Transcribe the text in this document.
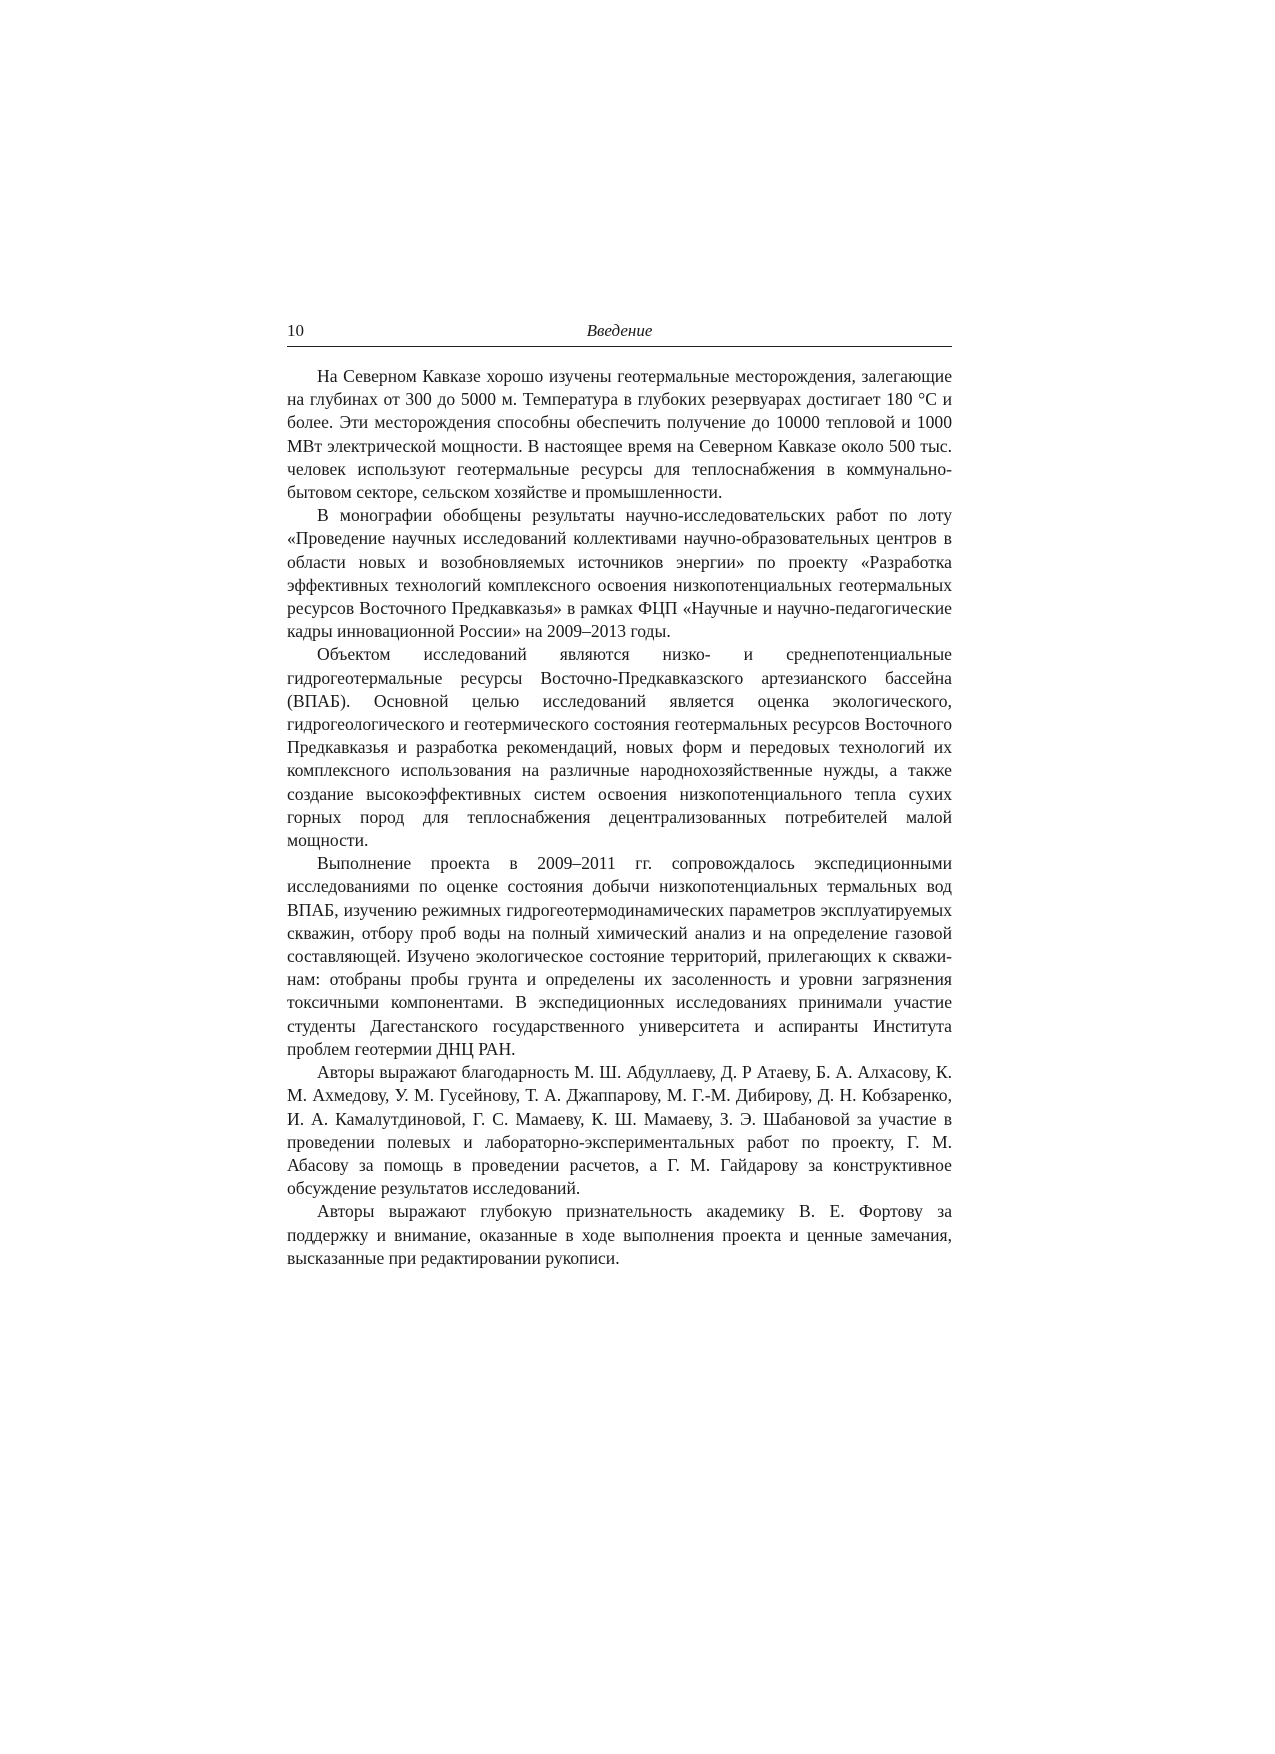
10	Введение

На Северном Кавказе хорошо изучены геотермальные месторождения, залегающие на глубинах от 300 до 5000 м. Температура в глубоких резервуарах достигает 180 °С и более. Эти месторождения способны обеспечить получение до 10000 тепловой и 1000 МВт электрической мощности. В настоящее время на Северном Кавказе около 500 тыс. человек используют геотермальные ресурсы для теплоснабжения в коммунально-бытовом секторе, сельском хозяйстве и промышленности.

В монографии обобщены результаты научно-исследовательских работ по лоту «Проведение научных исследований коллективами научно-образовательных центров в области новых и возобновляемых источников энергии» по проекту «Разработка эффективных технологий комплексного освоения низкопотенциальных геотермальных ресурсов Восточного Предкавказья» в рамках ФЦП «Научные и научно-педагогические кадры инновационной России» на 2009–2013 годы.

Объектом исследований являются низко- и среднепотенциальные гидрогеотермальные ресурсы Восточно-Предкавказского артезианского бассейна (ВПАБ). Основной целью исследований является оценка экологического, гидрогеологического и геотермического состояния геотермальных ресурсов Восточного Предкавказья и разработка рекомендаций, новых форм и передовых технологий их комплексного использования на различные народнохозяйственные нужды, а также создание высокоэффективных систем освоения низкопотенциального тепла сухих горных пород для теплоснабжения децентрализованных потребителей малой мощности.

Выполнение проекта в 2009–2011 гг. сопровождалось экспедиционными исследованиями по оценке состояния добычи низкопотенциальных термальных вод ВПАБ, изучению режимных гидрогеотермодинамических параметров эксплуатируемых скважин, отбору проб воды на полный химический анализ и на определение газовой составляющей. Изучено экологическое состояние территорий, прилегающих к скважинам: отобраны пробы грунта и определены их засоленность и уровни загрязнения токсичными компонентами. В экспедиционных исследованиях принимали участие студенты Дагестанского государственного университета и аспиранты Института проблем геотермии ДНЦ РАН.

Авторы выражают благодарность М. Ш. Абдуллаеву, Д. Р Атаеву, Б. А. Алхасову, К. М. Ахмедову, У. М. Гусейнову, Т. А. Джаппарову, М. Г.-М. Дибирову, Д. Н. Кобзаренко, И. А. Камалутдиновой, Г. С. Мамаеву, К. Ш. Мамаеву, З. Э. Шабановой за участие в проведении полевых и лабораторно-экспериментальных работ по проекту, Г. М. Абасову за помощь в проведении расчетов, а Г. М. Гайдарову за конструктивное обсуждение результатов исследований.

Авторы выражают глубокую признательность академику В. Е. Фортову за поддержку и внимание, оказанные в ходе выполнения проекта и ценные замечания, высказанные при редактировании рукописи.
